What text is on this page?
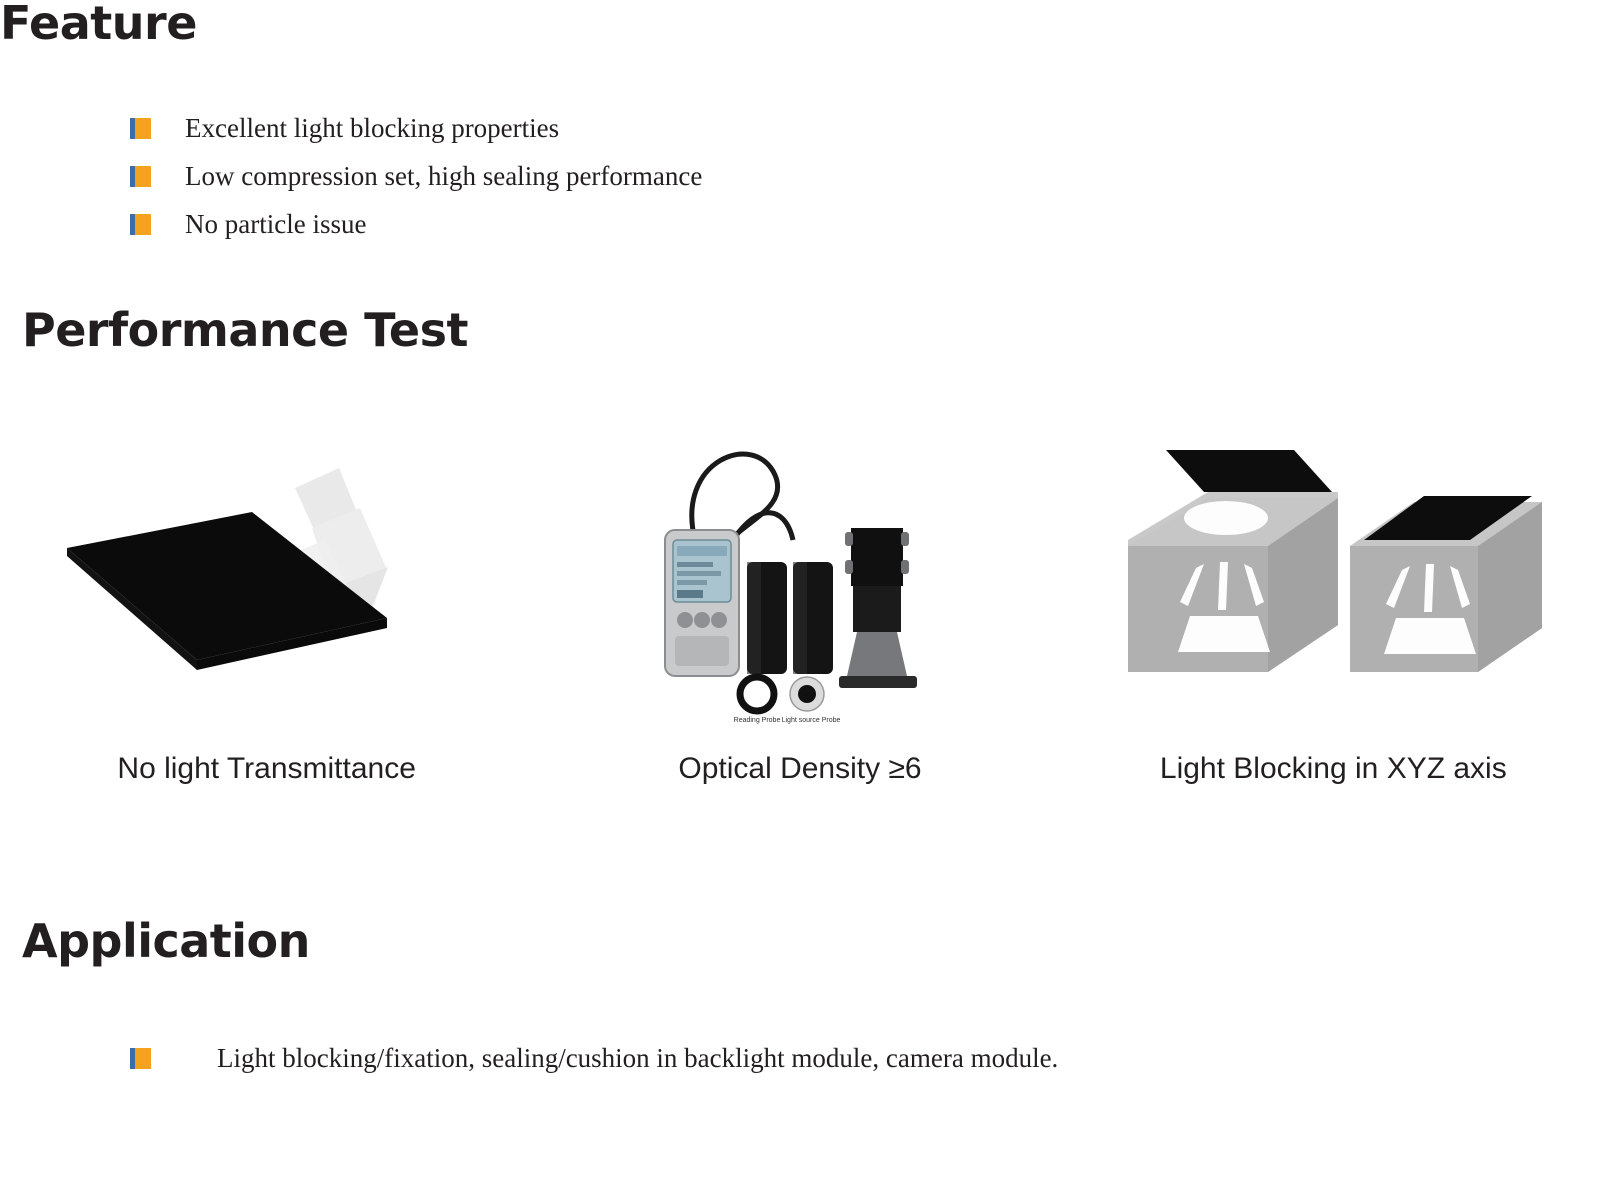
Feature
Excellent light blocking properties
Low compression set, high sealing performance
No particle issue
Performance Test
No light Transmittance
Reading Probe Light source Probe
Optical Density ≥6	Light Blocking in XYZ axis
Application
Light blocking/fixation, sealing/cushion in backlight module, camera module.
